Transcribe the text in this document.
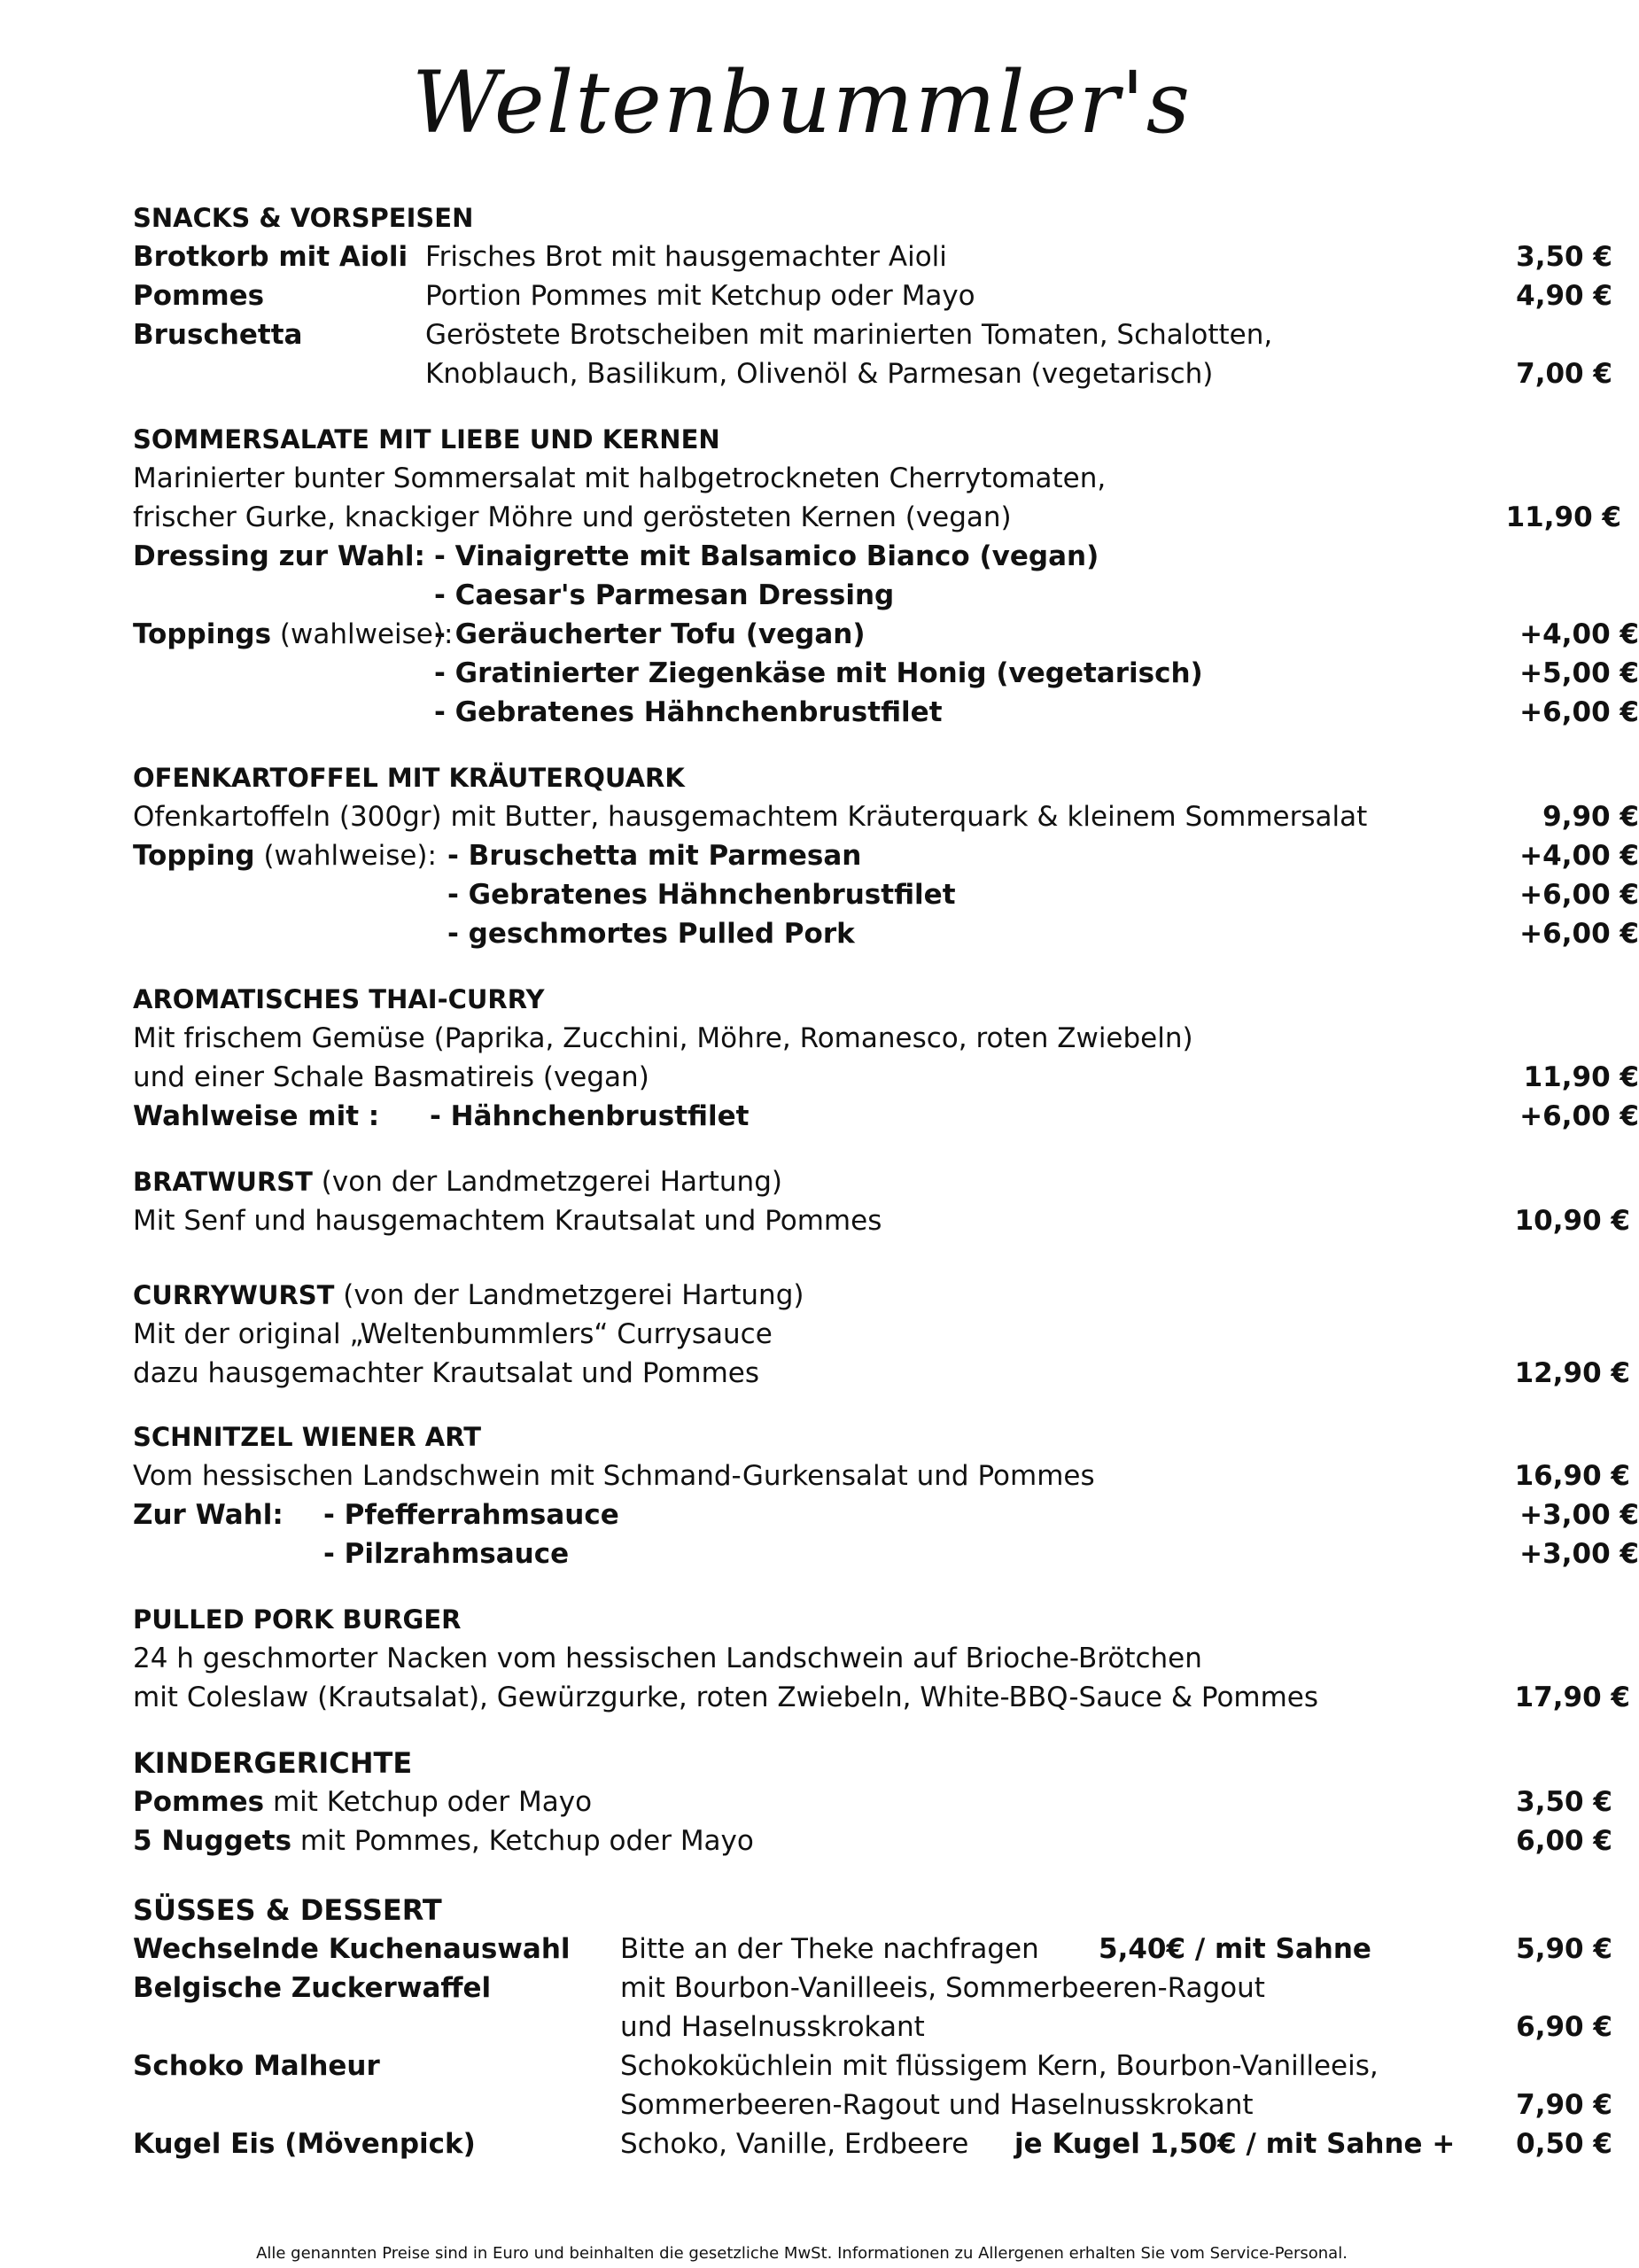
Weltenbummler's
SNACKS & VORSPEISEN
Brotkorb mit Aioli Frisches Brot mit hausgemachter Aioli	3,50 €
Pommes	Portion Pommes mit Ketchup oder Mayo	4,90 €
Bruschetta	Geröstete Brotscheiben mit marinierten Tomaten, Schalotten,
Knoblauch, Basilikum, Olivenöl & Parmesan (vegetarisch)	7,00 €
SOMMERSALATE MIT LIEBE UND KERNEN
Marinierter bunter Sommersalat mit halbgetrockneten Cherrytomaten,
frischer Gurke, knackiger Möhre und gerösteten Kernen (vegan)	11,90 €
Dressing zur Wahl: - Vinaigrette mit Balsamico Bianco (vegan)
- Caesar's Parmesan Dressing
Toppings (wahlweise):
- Geräucherter Tofu (vegan)	+4,00 €
- Gratinierter Ziegenkäse mit Honig (vegetarisch)	+5,00 €
- Gebratenes Hähnchenbrustfilet	+6,00 €
OFENKARTOFFEL MIT KRÄUTERQUARK
Ofenkartoffeln (300gr) mit Butter, hausgemachtem Kräuterquark & kleinem Sommersalat	9,90 €
Topping (wahlweise): - Bruschetta mit Parmesan	+4,00 €
- Gebratenes Hähnchenbrustfilet	+6,00 €
- geschmortes Pulled Pork	+6,00 €
AROMATISCHES THAI-CURRY
Mit frischem Gemüse (Paprika, Zucchini, Möhre, Romanesco, roten Zwiebeln)
und einer Schale Basmatireis (vegan)	11,90 €
Wahlweise mit : - Hähnchenbrustfilet	+6,00 €
BRATWURST (von der Landmetzgerei Hartung)
Mit Senf und hausgemachtem Krautsalat und Pommes	10,90 €
CURRYWURST (von der Landmetzgerei Hartung)
Mit der original „Weltenbummlers“ Currysauce
dazu hausgemachter Krautsalat und Pommes	12,90 €
SCHNITZEL WIENER ART
Vom hessischen Landschwein mit Schmand-Gurkensalat und Pommes	16,90 €
Zur Wahl: - Pfefferrahmsauce	+3,00 €
- Pilzrahmsauce	+3,00 €
PULLED PORK BURGER
24 h geschmorter Nacken vom hessischen Landschwein auf Brioche-Brötchen
mit Coleslaw (Krautsalat), Gewürzgurke, roten Zwiebeln, White-BBQ-Sauce & Pommes	17,90 €
KINDERGERICHTE
Pommes mit Ketchup oder Mayo	3,50 €
5 Nuggets mit Pommes, Ketchup oder Mayo	6,00 €
SÜSSES & DESSERT
Wechselnde Kuchenauswahl Bitte an der Theke nachfragen 5,40€ / mit Sahne	5,90 €
Belgische Zuckerwaffel	mit Bourbon-Vanilleeis, Sommerbeeren-Ragout
und Haselnusskrokant	6,90 €
Schoko Malheur	Schokoküchlein mit flüssigem Kern, Bourbon-Vanilleeis,
Sommerbeeren-Ragout und Haselnusskrokant	7,90 €
Kugel Eis (Mövenpick)	Schoko, Vanille, Erdbeere je Kugel 1,50€ / mit Sahne +	0,50 €
Alle genannten Preise sind in Euro und beinhalten die gesetzliche MwSt. Informationen zu Allergenen erhalten Sie vom Service-Personal.
